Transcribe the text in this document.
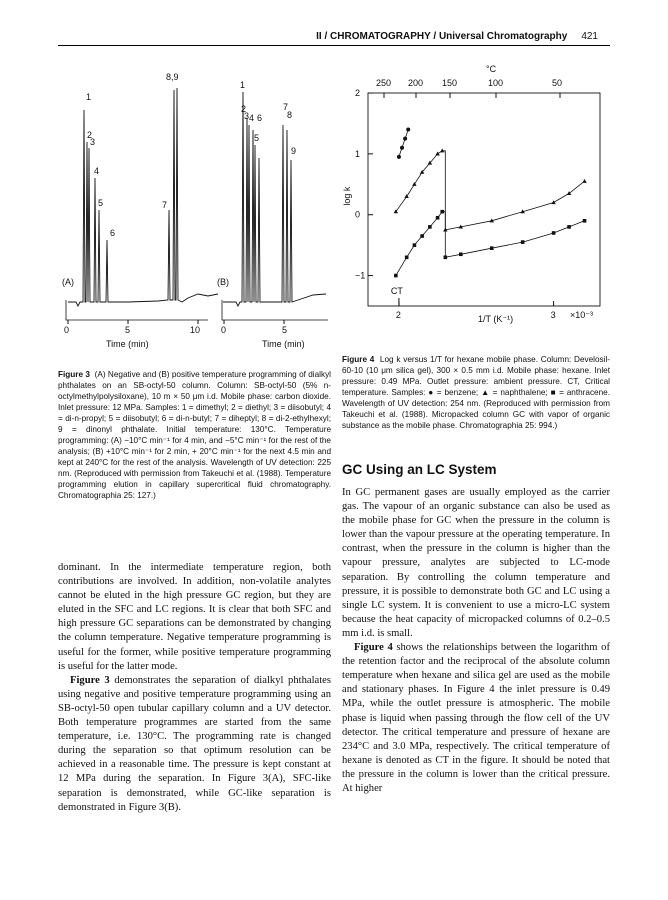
II / CHROMATOGRAPHY / Universal Chromatography 421
0	5	10
Time (min)
(A)
1
2
3
4
5
6
7
8,9
0	5
Time (min)
(B)
1
2
3 4
5
6
7
8
9
°C
250 200 150	100	50
2
1
0
−1
2	3
1/T (K⁻¹)	×10⁻³
log k
CT
Figure 3 (A) Negative and (B) positive temperature programming of dialkyl phthalates on an SB-octyl-50 column. Column: SB-octyl-50 (5% n-octylmethylpolysiloxane), 10 m × 50 μm i.d. Mobile phase: carbon dioxide. Inlet pressure: 12 MPa. Samples: 1 = dimethyl; 2 = diethyl; 3 = diisobutyl; 4 = di-n-propyl; 5 = diisobutyl; 6 = di-n-butyl; 7 = diheptyl; 8 = di-2-ethylhexyl; 9 = dinonyl phthalate. Initial temperature: 130°C. Temperature programming: (A) −10°C min⁻¹ for 4 min, and −5°C min⁻¹ for the rest of the analysis; (B) +10°C min⁻¹ for 2 min, + 20°C min⁻¹ for the next 4.5 min and kept at 240°C for the rest of the analysis. Wavelength of UV detection: 225 nm. (Reproduced with permission from Takeuchi et al. (1988). Temperature programming elution in capillary supercritical fluid chromatography. Chromatographia 25: 127.)
Figure 4 Log k versus 1/T for hexane mobile phase. Column: Develosil-60-10 (10 μm silica gel), 300 × 0.5 mm i.d. Mobile phase: hexane. Inlet pressure: 0.49 MPa. Outlet pressure: ambient pressure. CT, Critical temperature. Samples: ● = benzene; ▲ = naphthalene; ■ = anthracene. Wavelength of UV detection: 254 nm. (Reproduced with permission from Takeuchi et al. (1988). Micropacked column GC with vapor of organic substance as the mobile phase. Chromatographia 25: 994.)

dominant. In the intermediate temperature region, both contributions are involved. In addition, non-volatile analytes cannot be eluted in the high pressure GC region, but they are eluted in the SFC and LC regions. It is clear that both SFC and high pressure GC separations can be demonstrated by changing the column temperature. Negative temperature programming is useful for the former, while positive temperature programming is useful for the latter mode.

Figure 3 demonstrates the separation of dialkyl phthalates using negative and positive temperature programming using an SB-octyl-50 open tubular capillary column and a UV detector. Both temperature programmes are started from the same temperature, i.e. 130°C. The programming rate is changed during the separation so that optimum resolution can be achieved in a reasonable time. The pressure is kept constant at 12 MPa during the separation. In Figure 3(A), SFC-like separation is demonstrated, while GC-like separation is demonstrated in Figure 3(B).

GC Using an LC System

In GC permanent gases are usually employed as the carrier gas. The vapour of an organic substance can also be used as the mobile phase for GC when the pressure in the column is lower than the vapour pressure at the operating temperature. In contrast, when the pressure in the column is higher than the vapour pressure, analytes are subjected to LC-mode separation. By controlling the column temperature and pressure, it is possible to demonstrate both GC and LC using a single LC system. It is convenient to use a micro-LC system because the heat capacity of micropacked columns of 0.2–0.5 mm i.d. is small.

Figure 4 shows the relationships between the logarithm of the retention factor and the reciprocal of the absolute column temperature when hexane and silica gel are used as the mobile and stationary phases. In Figure 4 the inlet pressure is 0.49 MPa, while the outlet pressure is atmospheric. The mobile phase is liquid when passing through the flow cell of the UV detector. The critical temperature and pressure of hexane are 234°C and 3.0 MPa, respectively. The critical temperature of hexane is denoted as CT in the figure. It should be noted that the pressure in the column is lower than the critical pressure. At higher
